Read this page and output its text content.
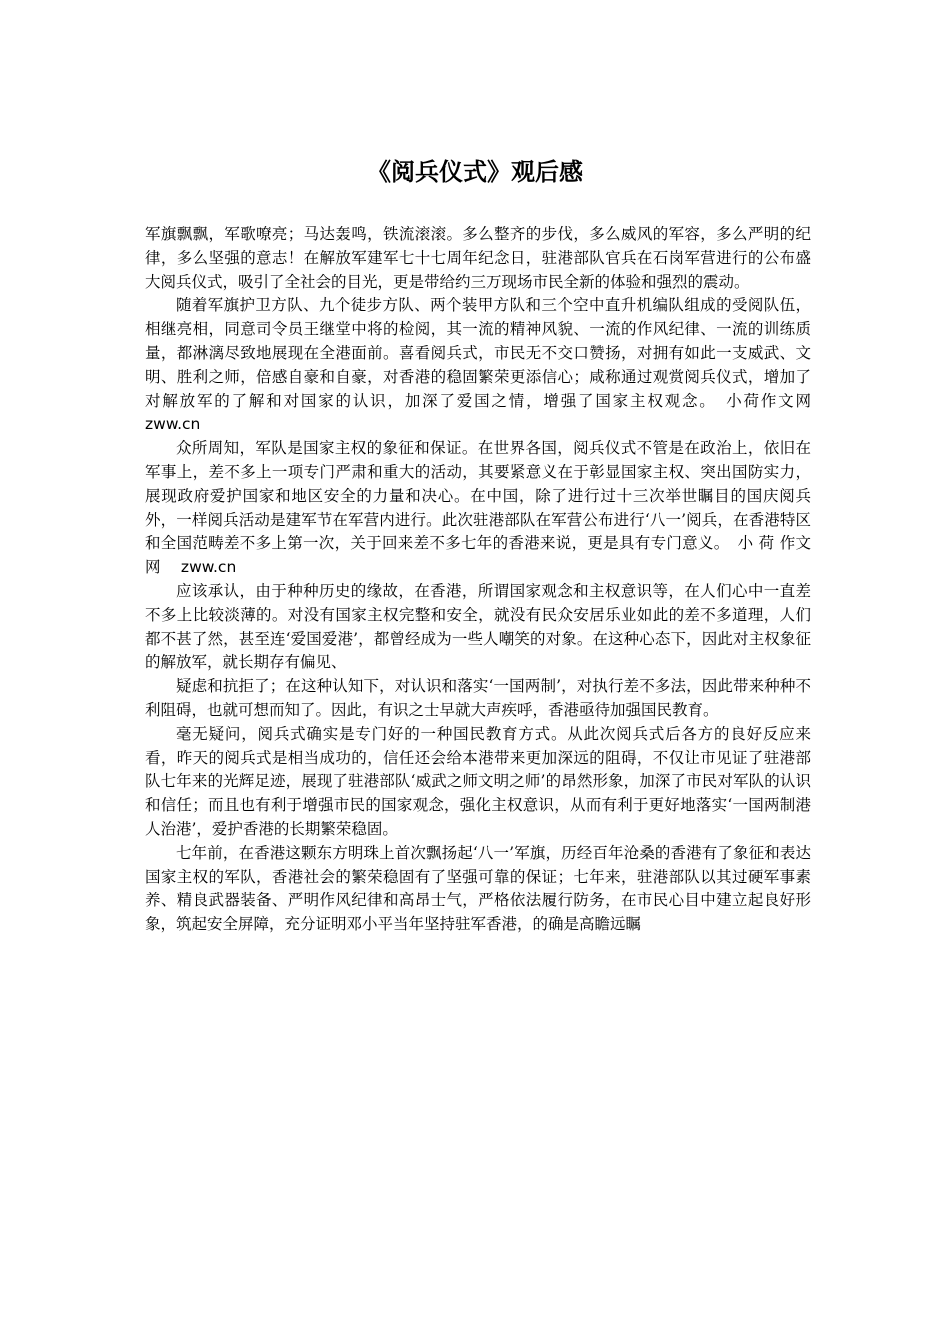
《阅兵仪式》观后感

军旗飘飘，军歌嘹亮；马达轰鸣，铁流滚滚。多么整齐的步伐，多么威风的军容，多么严明的纪律，多么坚强的意志！在解放军建军七十七周年纪念日，驻港部队官兵在石岗军营进行的公布盛大阅兵仪式，吸引了全社会的目光，更是带给约三万现场市民全新的体验和强烈的震动。

随着军旗护卫方队、九个徒步方队、两个装甲方队和三个空中直升机编队组成的受阅队伍，相继亮相，同意司令员王继堂中将的检阅，其一流的精神风貌、一流的作风纪律、一流的训练质量，都淋漓尽致地展现在全港面前。喜看阅兵式，市民无不交口赞扬，对拥有如此一支威武、文明、胜利之师，倍感自豪和自豪，对香港的稳固繁荣更添信心；咸称通过观赏阅兵仪式，增加了对解放军的了解和对国家的认识，加深了爱国之情，增强了国家主权观念。　小荷作文网　 zww.cn

众所周知，军队是国家主权的象征和保证。在世界各国，阅兵仪式不管是在政治上，依旧在军事上，差不多上一项专门严肃和重大的活动，其要紧意义在于彰显国家主权、突出国防实力，展现政府爱护国家和地区安全的力量和决心。在中国，除了进行过十三次举世瞩目的国庆阅兵外，一样阅兵活动是建军节在军营内进行。此次驻港部队在军营公布进行‘八一’阅兵，在香港特区和全国范畴差不多上第一次，关于回来差不多七年的香港来说，更是具有专门意义。　小 荷 作文网　 zww.cn

应该承认，由于种种历史的缘故，在香港，所谓国家观念和主权意识等，在人们心中一直差不多上比较淡薄的。对没有国家主权完整和安全，就没有民众安居乐业如此的差不多道理，人们都不甚了然，甚至连‘爱国爱港’，都曾经成为一些人嘲笑的对象。在这种心态下，因此对主权象征的解放军，就长期存有偏见、

疑虑和抗拒了；在这种认知下，对认识和落实‘一国两制’，对执行差不多法，因此带来种种不利阻碍，也就可想而知了。因此，有识之士早就大声疾呼，香港亟待加强国民教育。

毫无疑问，阅兵式确实是专门好的一种国民教育方式。从此次阅兵式后各方的良好反应来看，昨天的阅兵式是相当成功的，信任还会给本港带来更加深远的阻碍，不仅让市见证了驻港部队七年来的光辉足迹，展现了驻港部队‘威武之师文明之师’的昂然形象，加深了市民对军队的认识和信任；而且也有利于增强市民的国家观念，强化主权意识，从而有利于更好地落实‘一国两制港人治港’，爱护香港的长期繁荣稳固。

七年前，在香港这颗东方明珠上首次飘扬起‘八一’军旗，历经百年沧桑的香港有了象征和表达国家主权的军队，香港社会的繁荣稳固有了坚强可靠的保证；七年来，驻港部队以其过硬军事素养、精良武器装备、严明作风纪律和高昂士气，严格依法履行防务，在市民心目中建立起良好形象，筑起安全屏障，充分证明邓小平当年坚持驻军香港，的确是高瞻远瞩
